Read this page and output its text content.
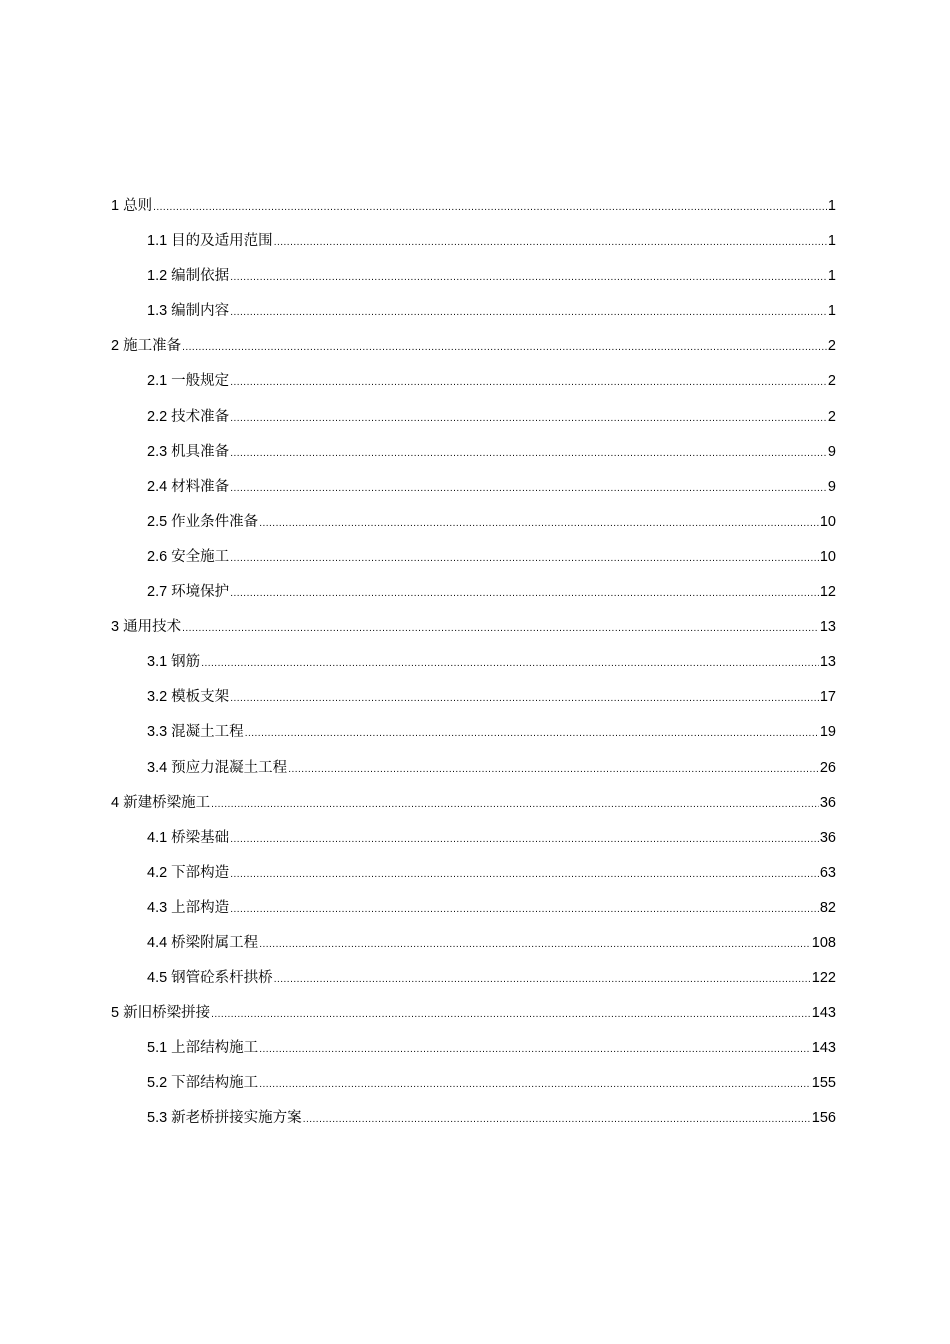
1 总则 .....	1
1.1 目的及适用范围 .....	1
1.2 编制依据 .....	1
1.3 编制内容 .....	1
2 施工准备 .....	2
2.1 一般规定 .....	2
2.2 技术准备 .....	2
2.3 机具准备 .....	9
2.4 材料准备 .....	9
2.5 作业条件准备 .....	10
2.6 安全施工 .....	10
2.7 环境保护 .....	12
3 通用技术 .....	13
3.1 钢筋 .....	13
3.2 模板支架 .....	17
3.3 混凝土工程 .....	19
3.4 预应力混凝土工程 .....	26
4 新建桥梁施工 .....	36
4.1 桥梁基础 .....	36
4.2 下部构造 .....	63
4.3 上部构造 .....	82
4.4 桥梁附属工程 .....	108
4.5 钢管砼系杆拱桥 .....	122
5 新旧桥梁拼接 .....	143
5.1 上部结构施工 .....	143
5.2 下部结构施工 .....	155
5.3 新老桥拼接实施方案 .....	156
